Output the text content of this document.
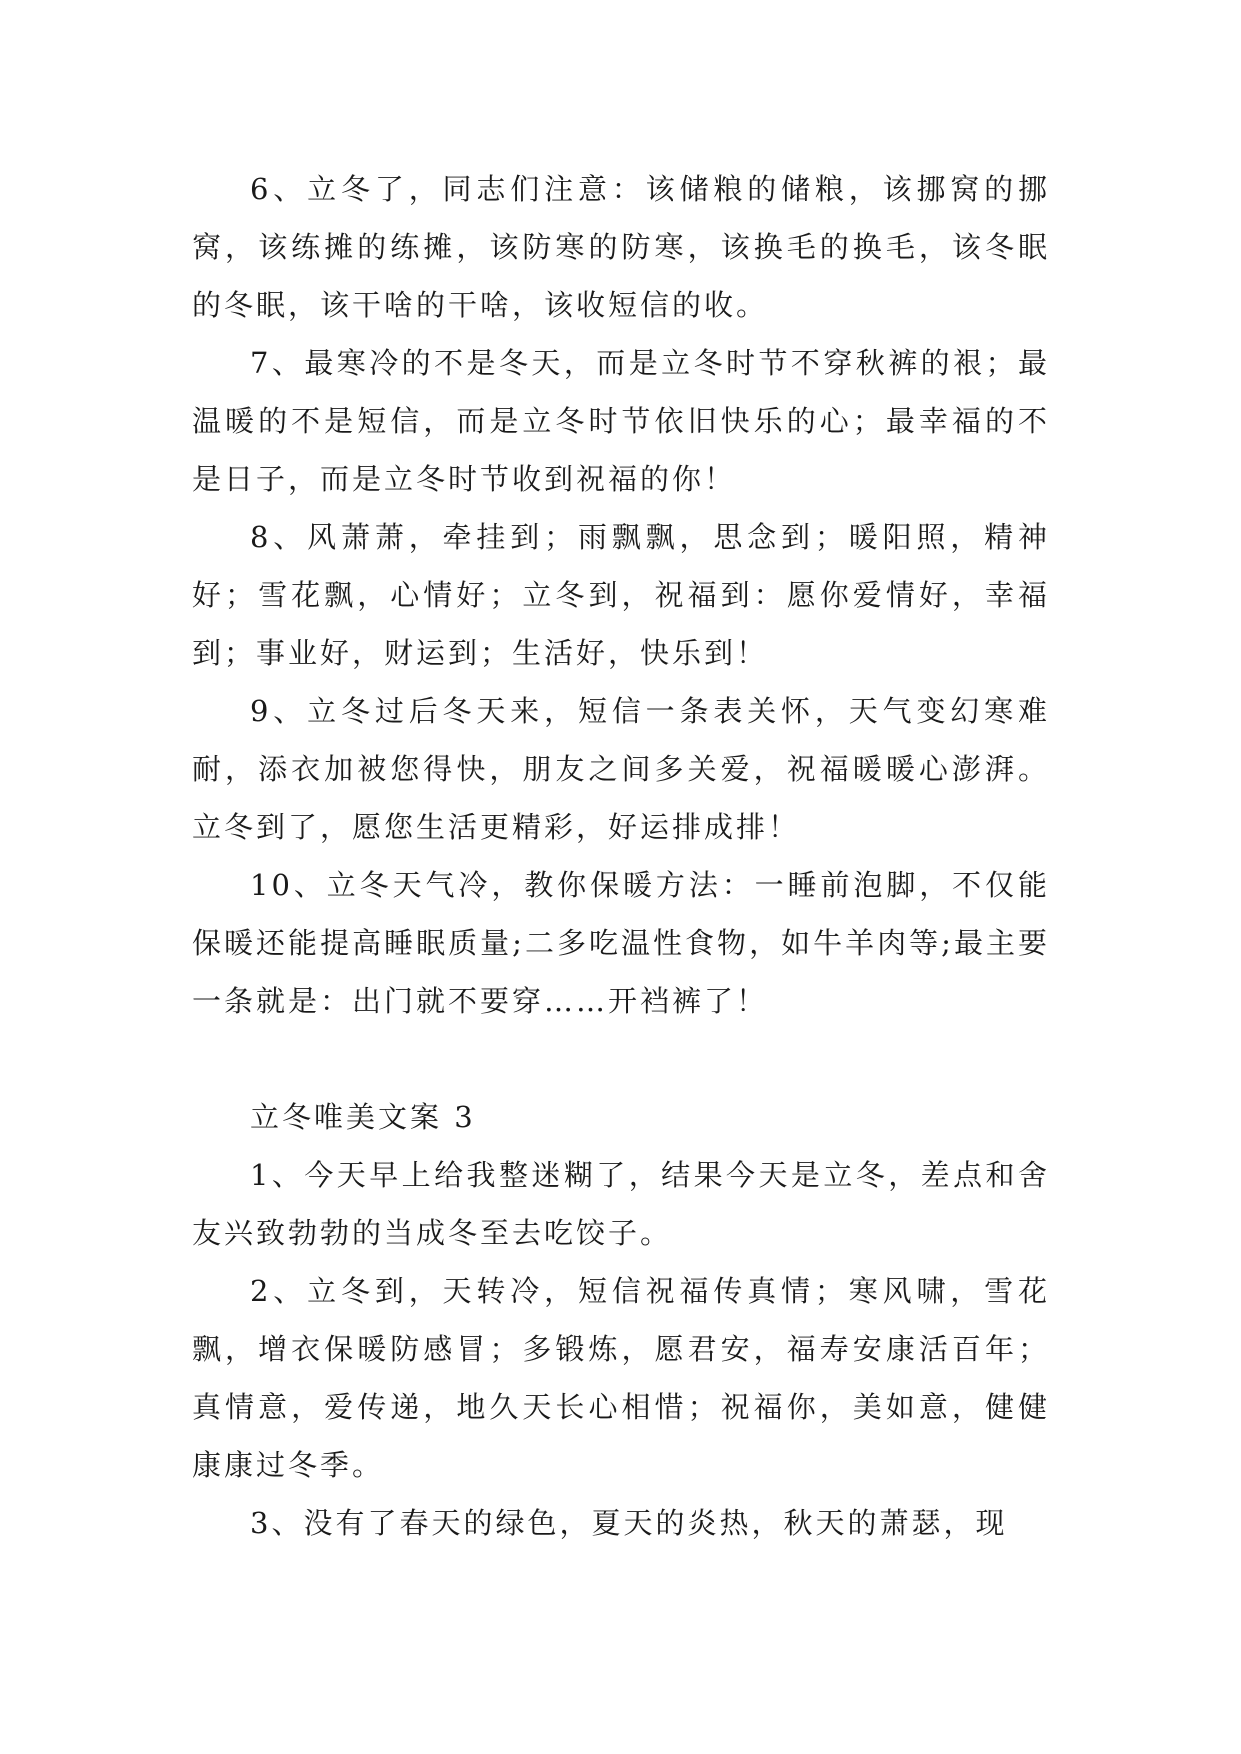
6、立冬了，同志们注意：该储粮的储粮，该挪窝的挪窝，该练摊的练摊，该防寒的防寒，该换毛的换毛，该冬眠的冬眠，该干啥的干啥，该收短信的收。

7、最寒冷的不是冬天，而是立冬时节不穿秋裤的裉；最温暖的不是短信，而是立冬时节依旧快乐的心；最幸福的不是日子，而是立冬时节收到祝福的你！

8、风萧萧，牵挂到；雨飘飘，思念到；暖阳照，精神好；雪花飘，心情好；立冬到，祝福到：愿你爱情好，幸福到；事业好，财运到；生活好，快乐到！

9、立冬过后冬天来，短信一条表关怀，天气变幻寒难耐，添衣加被您得快，朋友之间多关爱，祝福暖暖心澎湃。立冬到了，愿您生活更精彩，好运排成排！

10、立冬天气冷，教你保暖方法：一睡前泡脚，不仅能保暖还能提高睡眠质量;二多吃温性食物，如牛羊肉等;最主要一条就是：出门就不要穿……开裆裤了！

立冬唯美文案 3

1、今天早上给我整迷糊了，结果今天是立冬，差点和舍友兴致勃勃的当成冬至去吃饺子。

2、立冬到，天转冷，短信祝福传真情；寒风啸，雪花飘，增衣保暖防感冒；多锻炼，愿君安，福寿安康活百年；真情意，爱传递，地久天长心相惜；祝福你，美如意，健健康康过冬季。

3、没有了春天的绿色，夏天的炎热，秋天的萧瑟，现
